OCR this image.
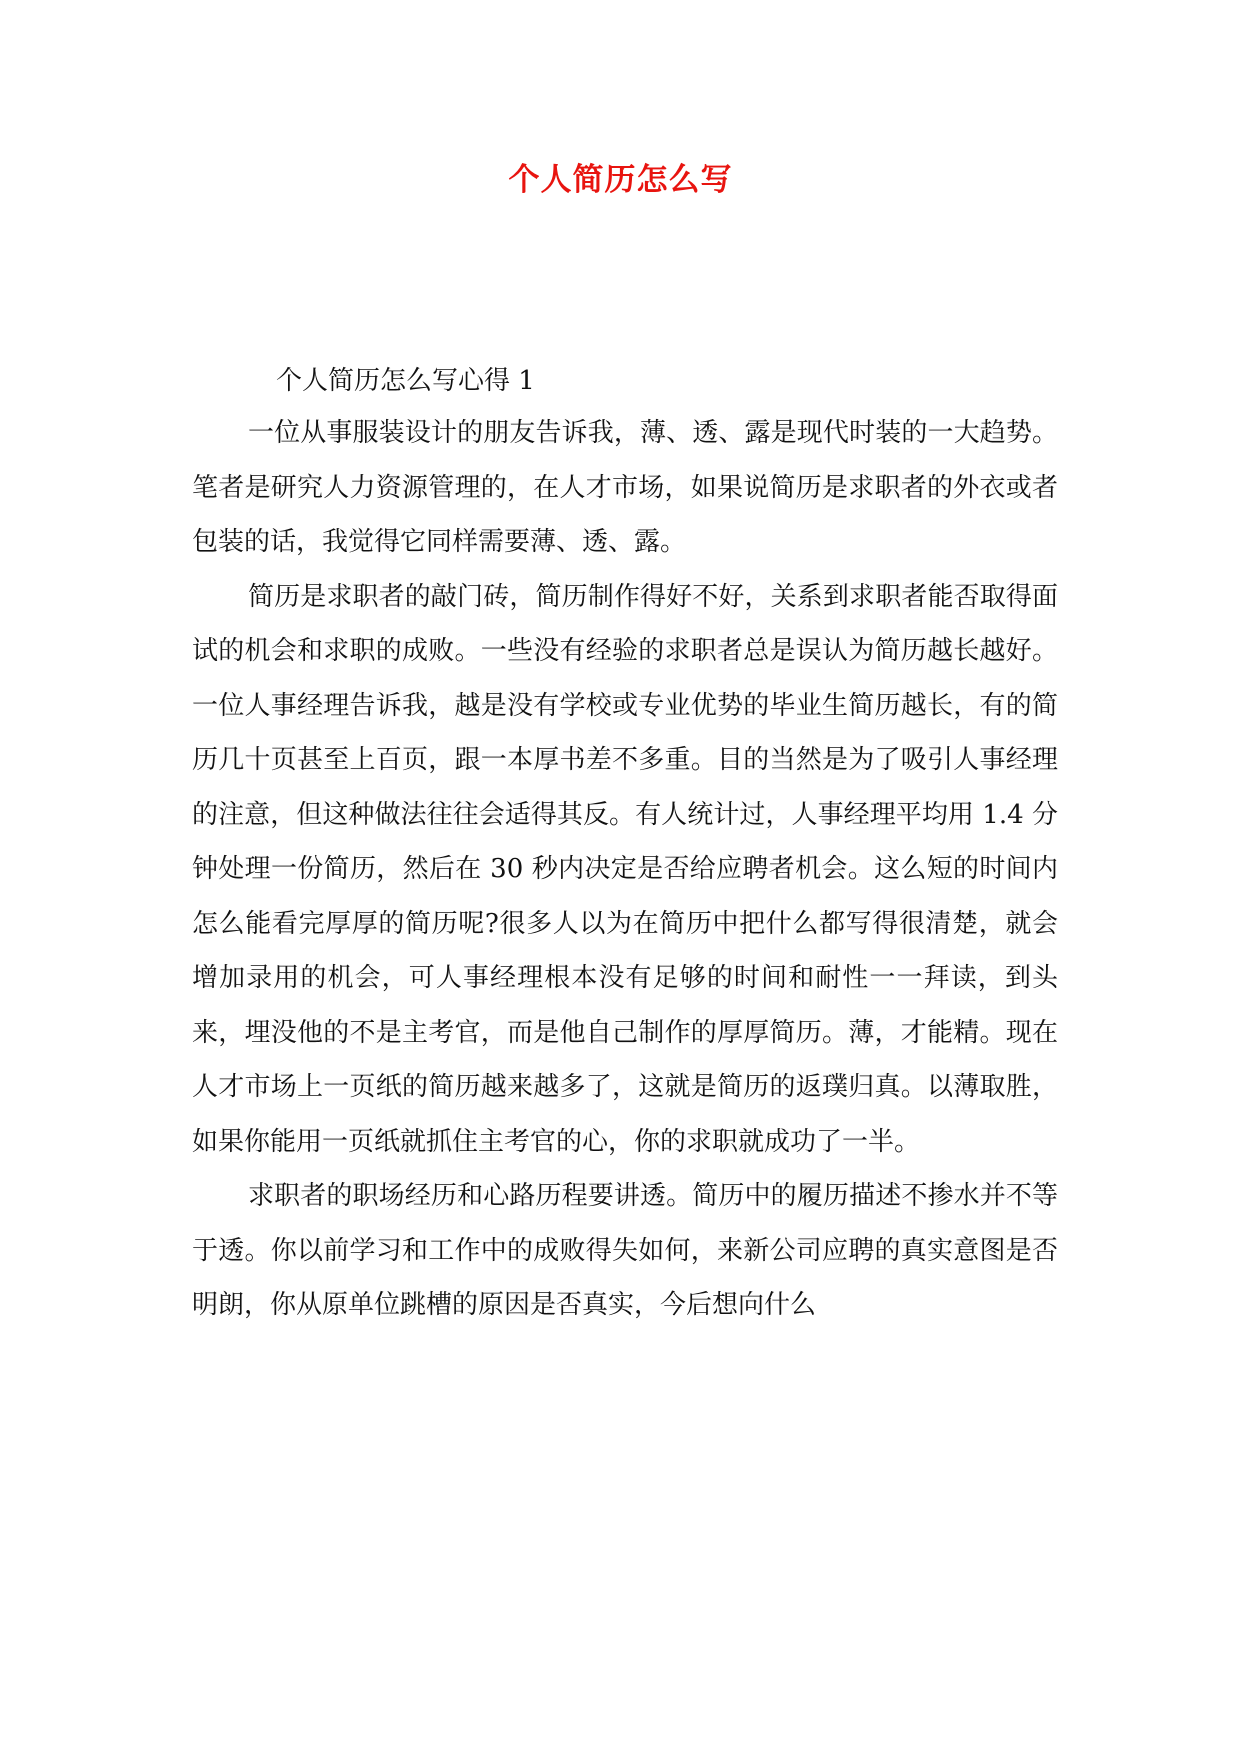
个人简历怎么写

个人简历怎么写心得 1

一位从事服装设计的朋友告诉我，薄、透、露是现代时装的一大趋势。笔者是研究人力资源管理的，在人才市场，如果说简历是求职者的外衣或者包装的话，我觉得它同样需要薄、透、露。

简历是求职者的敲门砖，简历制作得好不好，关系到求职者能否取得面试的机会和求职的成败。一些没有经验的求职者总是误认为简历越长越好。一位人事经理告诉我，越是没有学校或专业优势的毕业生简历越长，有的简历几十页甚至上百页，跟一本厚书差不多重。目的当然是为了吸引人事经理的注意，但这种做法往往会适得其反。有人统计过，人事经理平均用 1.4 分钟处理一份简历，然后在 30 秒内决定是否给应聘者机会。这么短的时间内怎么能看完厚厚的简历呢?很多人以为在简历中把什么都写得很清楚，就会增加录用的机会，可人事经理根本没有足够的时间和耐性一一拜读，到头来，埋没他的不是主考官，而是他自己制作的厚厚简历。薄，才能精。现在人才市场上一页纸的简历越来越多了，这就是简历的返璞归真。以薄取胜，如果你能用一页纸就抓住主考官的心，你的求职就成功了一半。

求职者的职场经历和心路历程要讲透。简历中的履历描述不掺水并不等于透。你以前学习和工作中的成败得失如何，来新公司应聘的真实意图是否明朗，你从原单位跳槽的原因是否真实，今后想向什么
